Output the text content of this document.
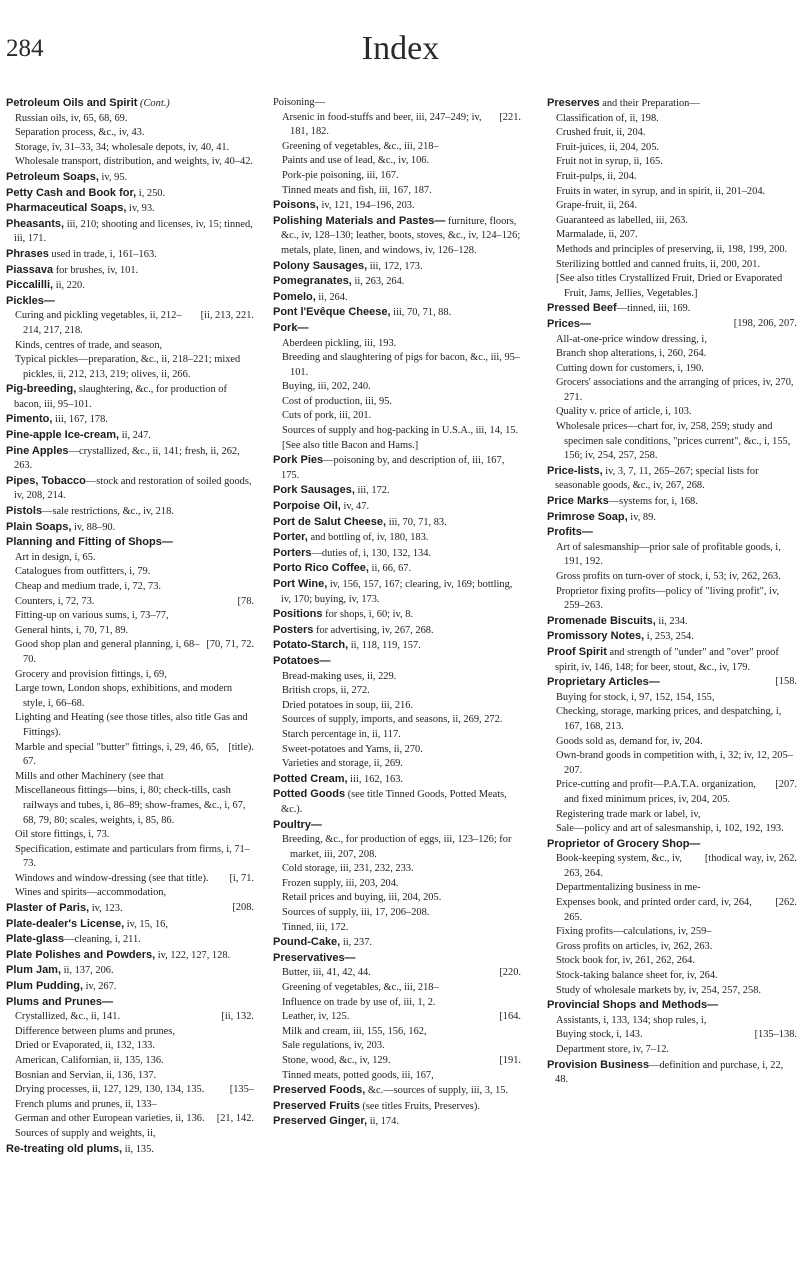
284	Index
Petroleum Oils and Spirit (Cont.)
Russian oils, iv, 65, 68, 69.
Separation process, &c., iv, 43.
Storage, iv, 31–33, 34; wholesale depots, iv, 40, 41.
Wholesale transport, distribution, and weights, iv, 40–42.
Petroleum Soaps, iv, 95.
Petty Cash and Book for, i, 250.
Pharmaceutical Soaps, iv, 93.
Pheasants, iii, 210; shooting and licenses, iv, 15; tinned, iii, 171.
Phrases used in trade, i, 161–163.
Piassava for brushes, iv, 101.
Piccalilli, ii, 220.
Pickles—
[ii, 213, 221.
Curing and pickling vegetables, ii, 212–214, 217, 218.
Kinds, centres of trade, and season,
Typical pickles—preparation, &c., ii, 218–221; mixed pickles, ii, 212, 213, 219; olives, ii, 266.
Pig-breeding, slaughtering, &c., for production of bacon, iii, 95–101.
Pimento, iii, 167, 178.
Pine-apple Ice-cream, ii, 247.
Pine Apples—crystallized, &c., ii, 141; fresh, ii, 262, 263.
Pipes, Tobacco—stock and restoration of soiled goods, iv, 208, 214.
Pistols—sale restrictions, &c., iv, 218.
Plain Soaps, iv, 88–90.
Planning and Fitting of Shops—
Art in design, i, 65.
Catalogues from outfitters, i, 79.
Cheap and medium trade, i, 72, 73.
[78.
Counters, i, 72, 73.
Fitting-up on various sums, i, 73–77,
General hints, i, 70, 71, 89.
[70, 71, 72.
Good shop plan and general planning, i, 68–70.
Grocery and provision fittings, i, 69,
Large town, London shops, exhibitions, and modern style, i, 66–68.
Lighting and Heating (see those titles, also title Gas and Fittings).
[title).
Marble and special "butter" fittings, i, 29, 46, 65, 67.
Mills and other Machinery (see that
Miscellaneous fittings—bins, i, 80; check-tills, cash railways and tubes, i, 86–89; show-frames, &c., i, 67, 68, 79, 80; scales, weights, i, 85, 86.
Oil store fittings, i, 73.
Specification, estimate and particulars from firms, i, 71–73.
[i, 71.
Windows and window-dressing (see that title).
Wines and spirits—accommodation,
[208.
Plaster of Paris, iv, 123.
Plate-dealer's License, iv, 15, 16,
Plate-glass—cleaning, i, 211.
Plate Polishes and Powders, iv, 122, 127, 128.
Plum Jam, ii, 137, 206.
Plum Pudding, iv, 267.
Plums and Prunes—
[ii, 132.
Crystallized, &c., ii, 141.
Difference between plums and prunes,
Dried or Evaporated, ii, 132, 133.
American, Californian, ii, 135, 136.
Bosnian and Servian, ii, 136, 137.
[135–
Drying processes, ii, 127, 129, 130, 134, 135.
French plums and prunes, ii, 133–
[21, 142.
German and other European varieties, ii, 136.
Sources of supply and weights, ii,
Re-treating old plums, ii, 135.
Poisoning—
[221.
Arsenic in food-stuffs and beer, iii, 247–249; iv, 181, 182.
Greening of vegetables, &c., iii, 218–
Paints and use of lead, &c., iv, 106.
Pork-pie poisoning, iii, 167.
Tinned meats and fish, iii, 167, 187.
Poisons, iv, 121, 194–196, 203.
Polishing Materials and Pastes— furniture, floors, &c., iv, 128–130; leather, boots, stoves, &c., iv, 124–126; metals, plate, linen, and windows, iv, 126–128.
Polony Sausages, iii, 172, 173.
Pomegranates, ii, 263, 264.
Pomelo, ii, 264.
Pont l'Evêque Cheese, iii, 70, 71, 88.
Pork—
Aberdeen pickling, iii, 193.
Breeding and slaughtering of pigs for bacon, &c., iii, 95–101.
Buying, iii, 202, 240.
Cost of production, iii, 95.
Cuts of pork, iii, 201.
Sources of supply and hog-packing in U.S.A., iii, 14, 15.
[See also title Bacon and Hams.]
Pork Pies—poisoning by, and description of, iii, 167, 175.
Pork Sausages, iii, 172.
Porpoise Oil, iv, 47.
Port de Salut Cheese, iii, 70, 71, 83.
Porter, and bottling of, iv, 180, 183.
Porters—duties of, i, 130, 132, 134.
Porto Rico Coffee, ii, 66, 67.
Port Wine, iv, 156, 157, 167; clearing, iv, 169; bottling, iv, 170; buying, iv, 173.
Positions for shops, i, 60; iv, 8.
Posters for advertising, iv, 267, 268.
Potato-Starch, ii, 118, 119, 157.
Potatoes—
Bread-making uses, ii, 229.
British crops, ii, 272.
Dried potatoes in soup, iii, 216.
Sources of supply, imports, and seasons, ii, 269, 272.
Starch percentage in, ii, 117.
Sweet-potatoes and Yams, ii, 270.
Varieties and storage, ii, 269.
Potted Cream, iii, 162, 163.
Potted Goods (see title Tinned Goods, Potted Meats, &c.).
Poultry—
Breeding, &c., for production of eggs, iii, 123–126; for market, iii, 207, 208.
Cold storage, iii, 231, 232, 233.
Frozen supply, iii, 203, 204.
Retail prices and buying, iii, 204, 205.
Sources of supply, iii, 17, 206–208.
Tinned, iii, 172.
Pound-Cake, ii, 237.
Preservatives—
[220.
Butter, iii, 41, 42, 44.
Greening of vegetables, &c., iii, 218–
Influence on trade by use of, iii, 1, 2.
[164.
Leather, iv, 125.
Milk and cream, iii, 155, 156, 162,
Sale regulations, iv, 203.
[191.
Stone, wood, &c., iv, 129.
Tinned meats, potted goods, iii, 167,
Preserved Foods, &c.—sources of supply, iii, 3, 15.
Preserved Fruits (see titles Fruits, Preserves).
Preserved Ginger, ii, 174.
Preserves and their Preparation—
Classification of, ii, 198.
Crushed fruit, ii, 204.
Fruit-juices, ii, 204, 205.
Fruit not in syrup, ii, 165.
Fruit-pulps, ii, 204.
Fruits in water, in syrup, and in spirit, ii, 201–204.
Grape-fruit, ii, 264.
Guaranteed as labelled, iii, 263.
Marmalade, ii, 207.
Methods and principles of preserving, ii, 198, 199, 200.
Sterilizing bottled and canned fruits, ii, 200, 201.
[See also titles Crystallized Fruit, Dried or Evaporated Fruit, Jams, Jellies, Vegetables.]
Pressed Beef—tinned, iii, 169.
[198, 206, 207.
Prices—
All-at-one-price window dressing, i,
Branch shop alterations, i, 260, 264.
Cutting down for customers, i, 190.
Grocers' associations and the arranging of prices, iv, 270, 271.
Quality v. price of article, i, 103.
Wholesale prices—chart for, iv, 258, 259; study and specimen sale conditions, "prices current", &c., i, 155, 156; iv, 254, 257, 258.
Price-lists, iv, 3, 7, 11, 265–267; special lists for seasonable goods, &c., iv, 267, 268.
Price Marks—systems for, i, 168.
Primrose Soap, iv, 89.
Profits—
Art of salesmanship—prior sale of profitable goods, i, 191, 192.
Gross profits on turn-over of stock, i, 53; iv, 262, 263.
Proprietor fixing profits—policy of "living profit", iv, 259–263.
Promenade Biscuits, ii, 234.
Promissory Notes, i, 253, 254.
Proof Spirit and strength of "under" and "over" proof spirit, iv, 146, 148; for beer, stout, &c., iv, 179.
[158.
Proprietary Articles—
Buying for stock, i, 97, 152, 154, 155,
Checking, storage, marking prices, and despatching, i, 167, 168, 213.
Goods sold as, demand for, iv, 204.
Own-brand goods in competition with, i, 32; iv, 12, 205–207.
[207.
Price-cutting and profit—P.A.T.A. organization, and fixed minimum prices, iv, 204, 205.
Registering trade mark or label, iv,
Sale—policy and art of salesmanship, i, 102, 192, 193.
Proprietor of Grocery Shop—
[thodical way, iv, 262.
Book-keeping system, &c., iv, 263, 264.
Departmentalizing business in me-
[262.
Expenses book, and printed order card, iv, 264, 265.
Fixing profits—calculations, iv, 259–
Gross profits on articles, iv, 262, 263.
Stock book for, iv, 261, 262, 264.
Stock-taking balance sheet for, iv, 264.
Study of wholesale markets by, iv, 254, 257, 258.
Provincial Shops and Methods—
Assistants, i, 133, 134; shop rules, i,
[135–138.
Buying stock, i, 143.
Department store, iv, 7–12.
Provision Business—definition and purchase, i, 22, 48.
